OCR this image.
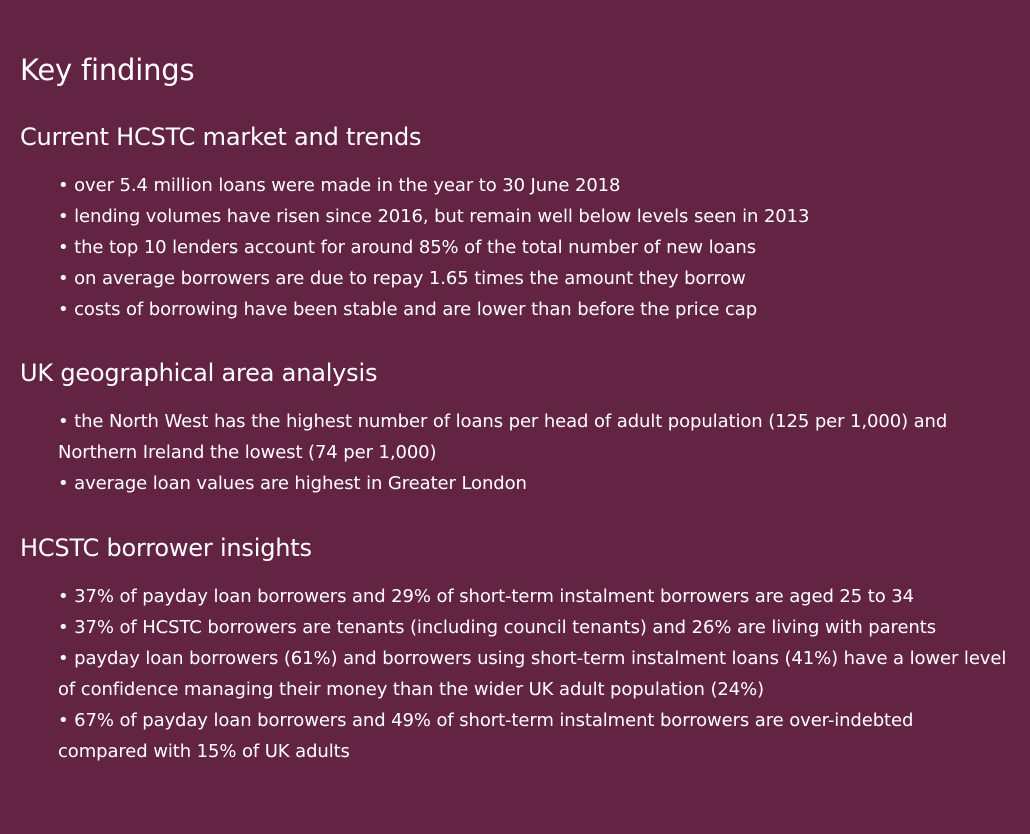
Key findings
Current HCSTC market and trends
• over 5.4 million loans were made in the year to 30 June 2018
• lending volumes have risen since 2016, but remain well below levels seen in 2013
• the top 10 lenders account for around 85% of the total number of new loans
• on average borrowers are due to repay 1.65 times the amount they borrow
• costs of borrowing have been stable and are lower than before the price cap
UK geographical area analysis
• the North West has the highest number of loans per head of adult population (125 per 1,000) and Northern Ireland the lowest (74 per 1,000)
• average loan values are highest in Greater London
HCSTC borrower insights
• 37% of payday loan borrowers and 29% of short-term instalment borrowers are aged 25 to 34
• 37% of HCSTC borrowers are tenants (including council tenants) and 26% are living with parents
• payday loan borrowers (61%) and borrowers using short-term instalment loans (41%) have a lower level of confidence managing their money than the wider UK adult population (24%)
• 67% of payday loan borrowers and 49% of short-term instalment borrowers are over-indebted compared with 15% of UK adults
